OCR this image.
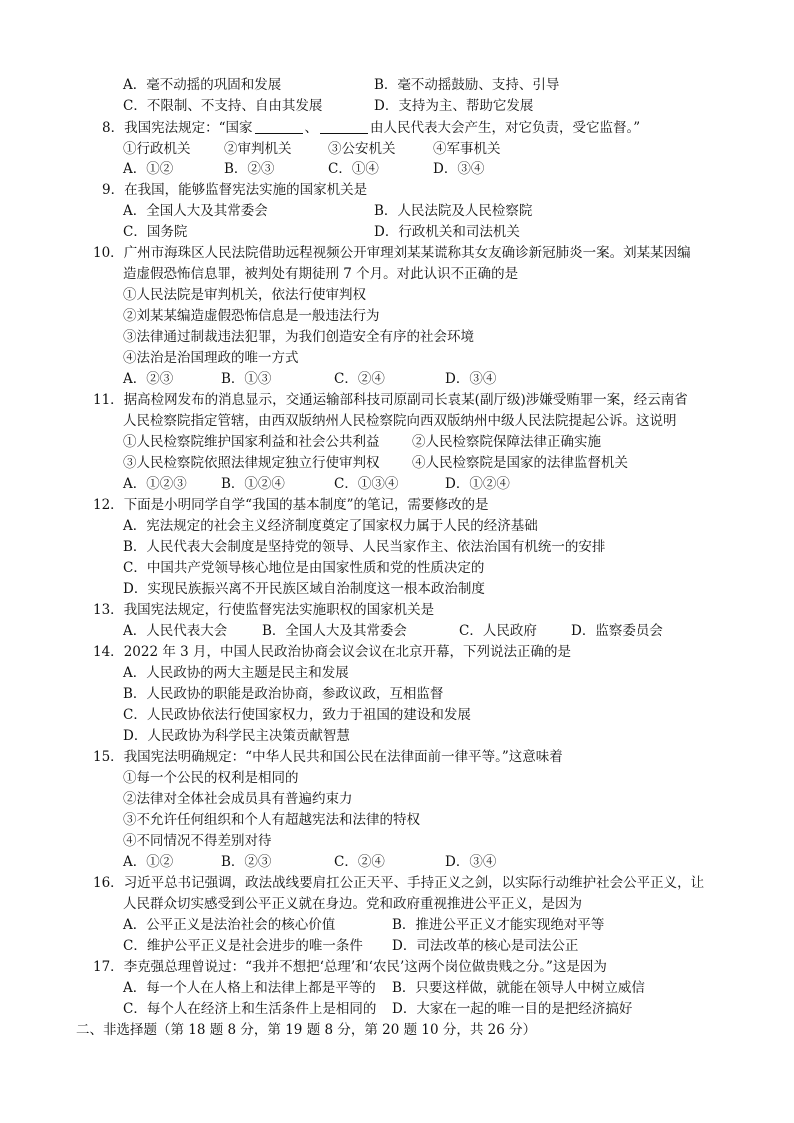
A．毫不动摇的巩固和发展	B．毫不动摇鼓励、支持、引导
C．不限制、不支持、自由其发展	D．支持为主、帮助它发展
8．我国宪法规定：“国家	、	由人民代表大会产生，对它负责，受它监督。”
①行政机关 ②审判机关	③公安机关	④军事机关
A．①②	B．②③	C．①④	D．③④
9．在我国，能够监督宪法实施的国家机关是
A．全国人大及其常委会	B．人民法院及人民检察院
C．国务院	D．行政机关和司法机关
10．广州市海珠区人民法院借助远程视频公开审理刘某某谎称其女友确诊新冠肺炎一案。刘某某因编
造虚假恐怖信息罪，被判处有期徒刑 7 个月。对此认识不正确的是
①人民法院是审判机关，依法行使审判权
②刘某某编造虚假恐怖信息是一般违法行为
③法律通过制裁违法犯罪，为我们创造安全有序的社会环境
④法治是治国理政的唯一方式
A．②③	B．①③	C．②④	D．③④
11．据高检网发布的消息显示，交通运输部科技司原副司长袁某(副厅级)涉嫌受贿罪一案，经云南省
人民检察院指定管辖，由西双版纳州人民检察院向西双版纳州中级人民法院提起公诉。这说明
①人民检察院维护国家利益和社会公共利益 ②人民检察院保障法律正确实施
③人民检察院依照法律规定独立行使审判权 ④人民检察院是国家的法律监督机关
A．①②③	B．①②④	C．①③④	D．①②④
12．下面是小明同学自学“我国的基本制度”的笔记，需要修改的是
A．宪法规定的社会主义经济制度奠定了国家权力属于人民的经济基础
B．人民代表大会制度是坚持党的领导、人民当家作主、依法治国有机统一的安排
C．中国共产党领导核心地位是由国家性质和党的性质决定的
D．实现民族振兴离不开民族区域自治制度这一根本政治制度
13．我国宪法规定，行使监督宪法实施职权的国家机关是
A．人民代表大会	B．全国人大及其常委会	C．人民政府	D．监察委员会
14．2022 年 3 月，中国人民政治协商会议会议在北京开幕，下列说法正确的是
A．人民政协的两大主题是民主和发展
B．人民政协的职能是政治协商，参政议政，互相监督
C．人民政协依法行使国家权力，致力于祖国的建设和发展
D．人民政协为科学民主决策贡献智慧
15．我国宪法明确规定：“中华人民共和国公民在法律面前一律平等。”这意味着
①每一个公民的权利是相同的
②法律对全体社会成员具有普遍约束力
③不允许任何组织和个人有超越宪法和法律的特权
④不同情况不得差别对待
A．①②	B．②③	C．②④	D．③④
16．习近平总书记强调，政法战线要肩扛公正天平、手持正义之剑，以实际行动维护社会公平正义，让
人民群众切实感受到公平正义就在身边。党和政府重视推进公平正义，是因为
A．公平正义是法治社会的核心价值	B．推进公平正义才能实现绝对平等
C．维护公平正义是社会进步的唯一条件 D．司法改革的核心是司法公正
17．李克强总理曾说过：“我并不想把‘总理’和‘农民’这两个岗位做贵贱之分。”这是因为
A．每一个人在人格上和法律上都是平等的 B．只要这样做，就能在领导人中树立威信
C．每个人在经济上和生活条件上是相同的 D．大家在一起的唯一目的是把经济搞好
二、非选择题（第 18 题 8 分，第 19 题 8 分，第 20 题 10 分，共 26 分）
